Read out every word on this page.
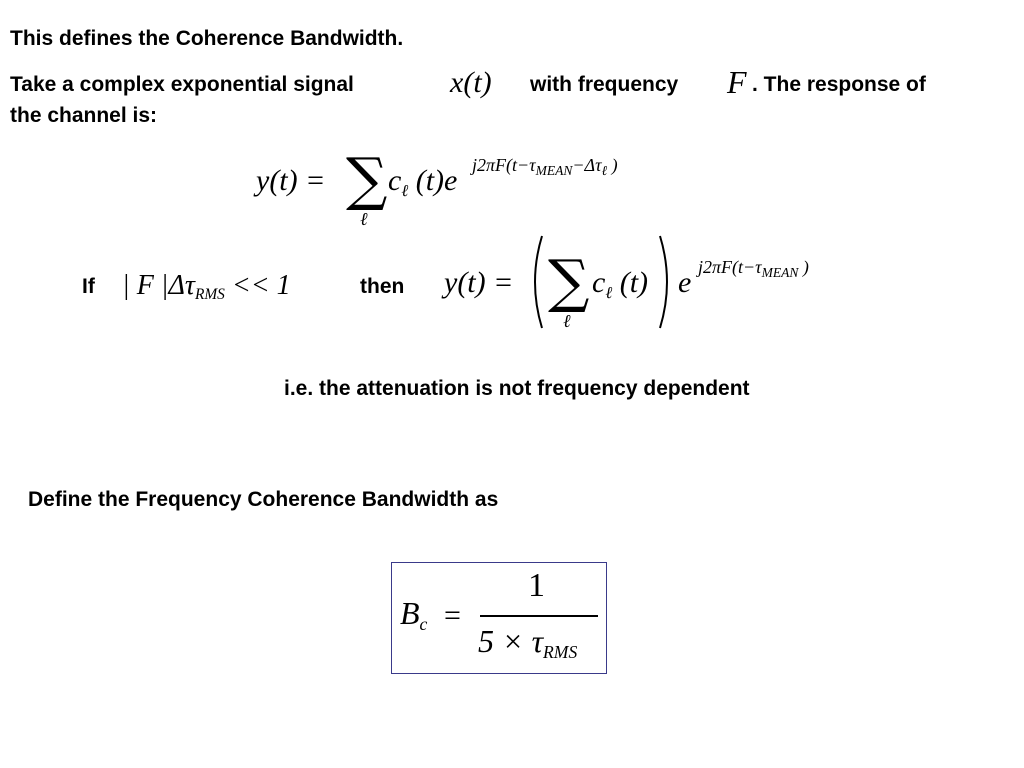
This defines the Coherence Bandwidth.
Take a complex exponential signal	x(t) with frequency F . The response of
the channel is:
y(t) = ∑
ℓ
cℓ (t)e $j2\pi F(t-\tau_{MEAN}-\Delta\tau_\ell$ )
If | F |ΔτRMS << 1	then y(t) = ∑
ℓ
cℓ (t) e $j2\pi F(t-\tau_{MEAN}$ )
i.e. the attenuation is not frequency dependent
Define the Frequency Coherence Bandwidth as
Bc =
1
5 × τRMS
